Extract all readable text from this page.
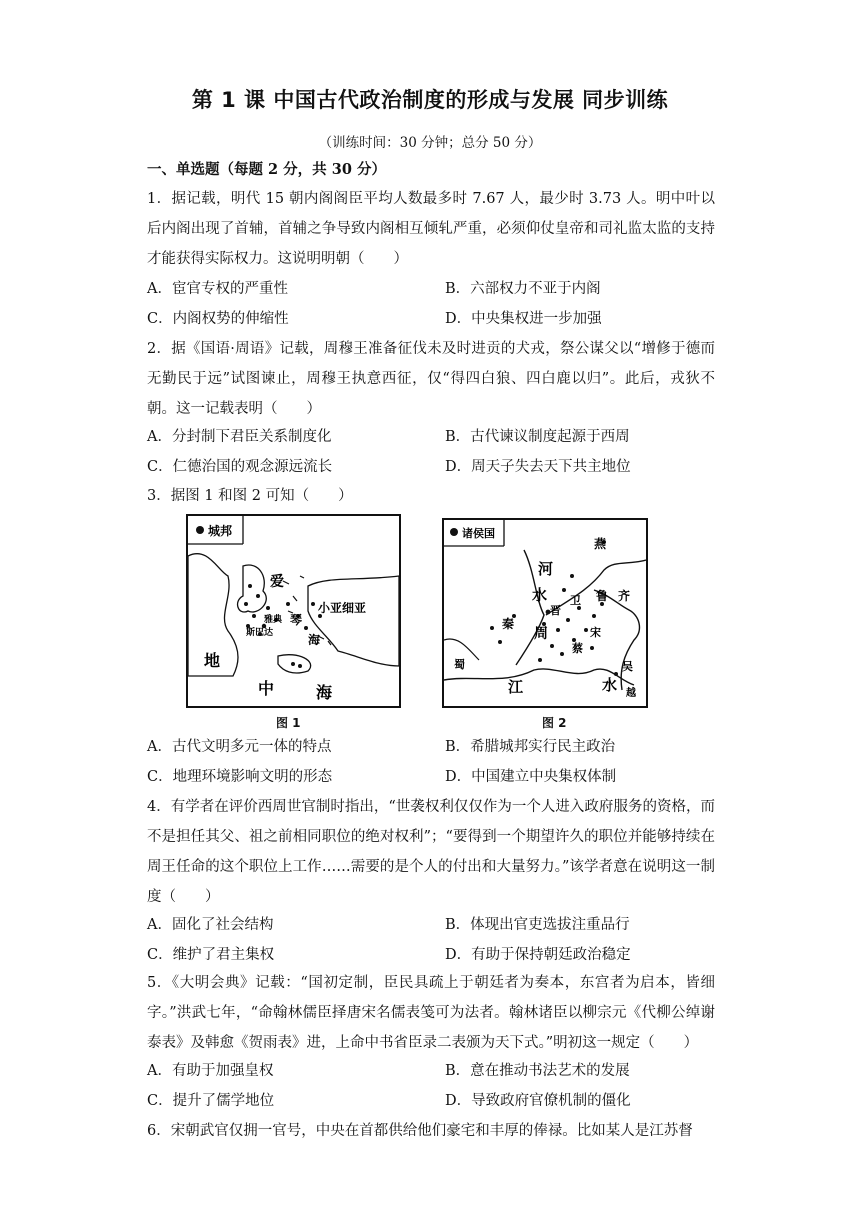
第 1 课 中国古代政治制度的形成与发展 同步训练
（训练时间：30 分钟；总分 50 分）
一、单选题（每题 2 分，共 30 分）
1．据记载，明代 15 朝内阁阁臣平均人数最多时 7.67 人，最少时 3.73 人。明中叶以后内阁出现了首辅，首辅之争导致内阁相互倾轧严重，必须仰仗皇帝和司礼监太监的支持才能获得实际权力。这说明明朝（　　）
A．宦官专权的严重性	B．六部权力不亚于内阁
C．内阁权势的伸缩性	D．中央集权进一步加强
2．据《国语·周语》记载，周穆王准备征伐未及时进贡的犬戎，祭公谋父以“增修于德而无勤民于远”试图谏止，周穆王执意西征，仅“得四白狼、四白鹿以归”。此后，戎狄不朝。这一记载表明（　　）
A．分封制下君臣关系制度化	B．古代谏议制度起源于西周
C．仁德治国的观念源远流长	D．周天子失去天下共主地位
3．据图 1 和图 2 可知（　　）
城邦
爱
小亚细亚
雅典
斯巴达
琴
海
地
中	海
图 1
诸侯国
燕
河
水
晋
卫 鲁 齐
秦
周	宋
蔡
蜀
江
吴
水 越
图 2
A．古代文明多元一体的特点	B．希腊城邦实行民主政治
C．地理环境影响文明的形态	D．中国建立中央集权体制
4．有学者在评价西周世官制时指出，“世袭权利仅仅作为一个人进入政府服务的资格，而不是担任其父、祖之前相同职位的绝对权利”；“要得到一个期望许久的职位并能够持续在周王任命的这个职位上工作……需要的是个人的付出和大量努力。”该学者意在说明这一制度（　　）
A．固化了社会结构	B．体现出官吏选拔注重品行
C．维护了君主集权	D．有助于保持朝廷政治稳定
5．《大明会典》记载：“国初定制，臣民具疏上于朝廷者为奏本，东宫者为启本，皆细字。”洪武七年，“命翰林儒臣择唐宋名儒表笺可为法者。翰林诸臣以柳宗元《代柳公绰谢泰表》及韩愈《贺雨表》进，上命中书省臣录二表颁为天下式。”明初这一规定（　　）
A．有助于加强皇权	B．意在推动书法艺术的发展
C．提升了儒学地位	D．导致政府官僚机制的僵化
6．宋朝武官仅拥一官号，中央在首都供给他们豪宅和丰厚的俸禄。比如某人是江苏督
